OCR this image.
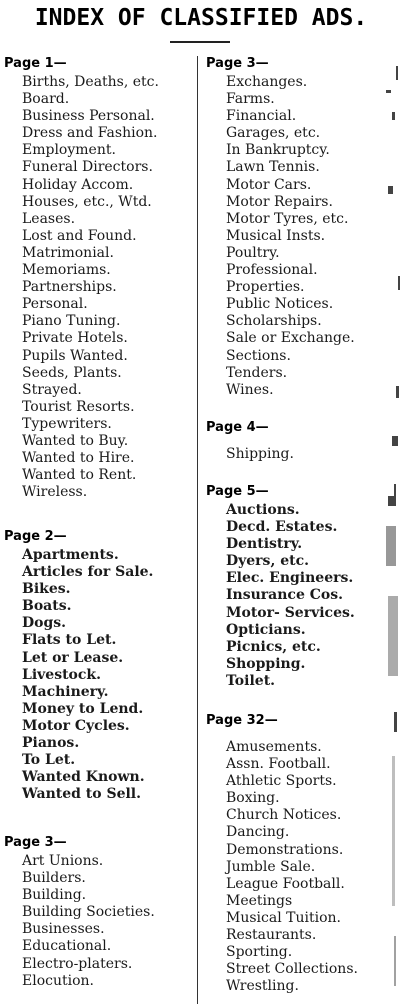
INDEX OF CLASSIFIED ADS.
Page 1—
Births, Deaths, etc.
Board.
Business Personal.
Dress and Fashion.
Employment.
Funeral Directors.
Holiday Accom.
Houses, etc., Wtd.
Leases.
Lost and Found.
Matrimonial.
Memoriams.
Partnerships.
Personal.
Piano Tuning.
Private Hotels.
Pupils Wanted.
Seeds, Plants.
Strayed.
Tourist Resorts.
Typewriters.
Wanted to Buy.
Wanted to Hire.
Wanted to Rent.
Wireless.
Page 2—
Apartments.
Articles for Sale.
Bikes.
Boats.
Dogs.
Flats to Let.
Let or Lease.
Livestock.
Machinery.
Money to Lend.
Motor Cycles.
Pianos.
To Let.
Wanted Known.
Wanted to Sell.
Page 3—
Art Unions.
Builders.
Building.
Building Societies.
Businesses.
Educational.
Electro-platers.
Elocution.
Page 3—
Exchanges.
Farms.
Financial.
Garages, etc.
In Bankruptcy.
Lawn Tennis.
Motor Cars.
Motor Repairs.
Motor Tyres, etc.
Musical Insts.
Poultry.
Professional.
Properties.
Public Notices.
Scholarships.
Sale or Exchange.
Sections.
Tenders.
Wines.
Page 4—
Shipping.
Page 5—
Auctions.
Decd. Estates.
Dentistry.
Dyers, etc.
Elec. Engineers.
Insurance Cos.
Motor- Services.
Opticians.
Picnics, etc.
Shopping.
Toilet.
Page 32—
Amusements.
Assn. Football.
Athletic Sports.
Boxing.
Church Notices.
Dancing.
Demonstrations.
Jumble Sale.
League Football.
Meetings
Musical Tuition.
Restaurants.
Sporting.
Street Collections.
Wrestling.
